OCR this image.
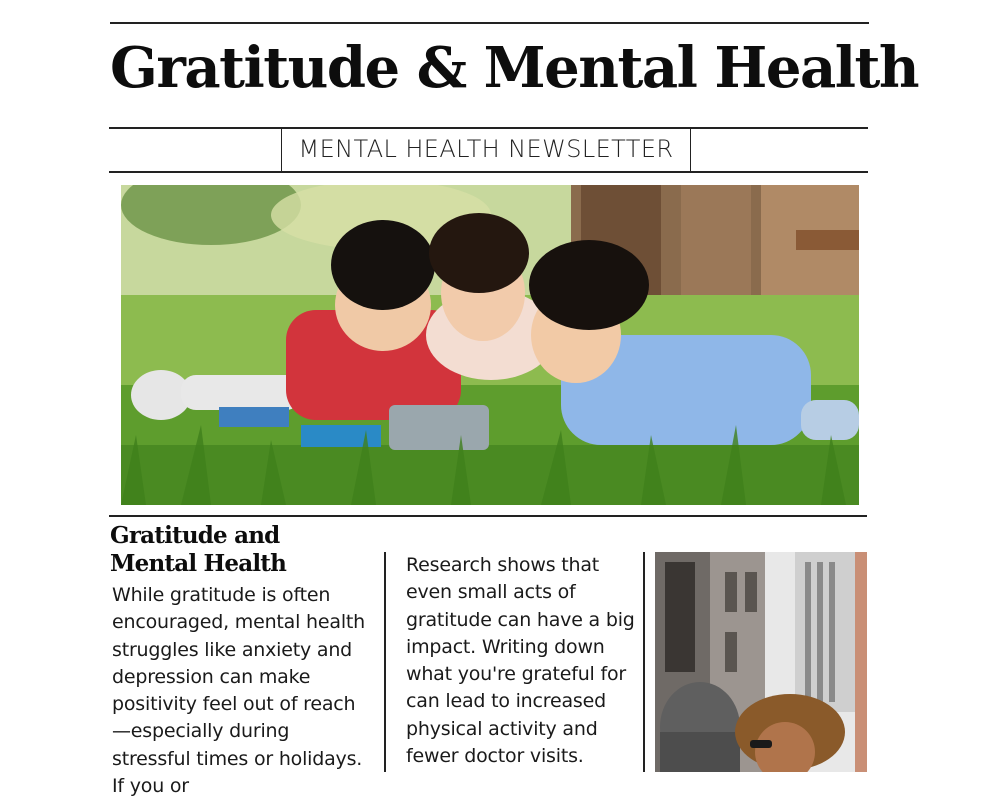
Gratitude & Mental Health
MENTAL HEALTH NEWSLETTER
Gratitude and
Mental Health

While gratitude is often encouraged, mental health struggles like anxiety and depression can make positivity feel out of reach—especially during stressful times or holidays. If you or

Research shows that even small acts of gratitude can have a big impact. Writing down what you're grateful for can lead to increased physical activity and fewer doctor visits.
